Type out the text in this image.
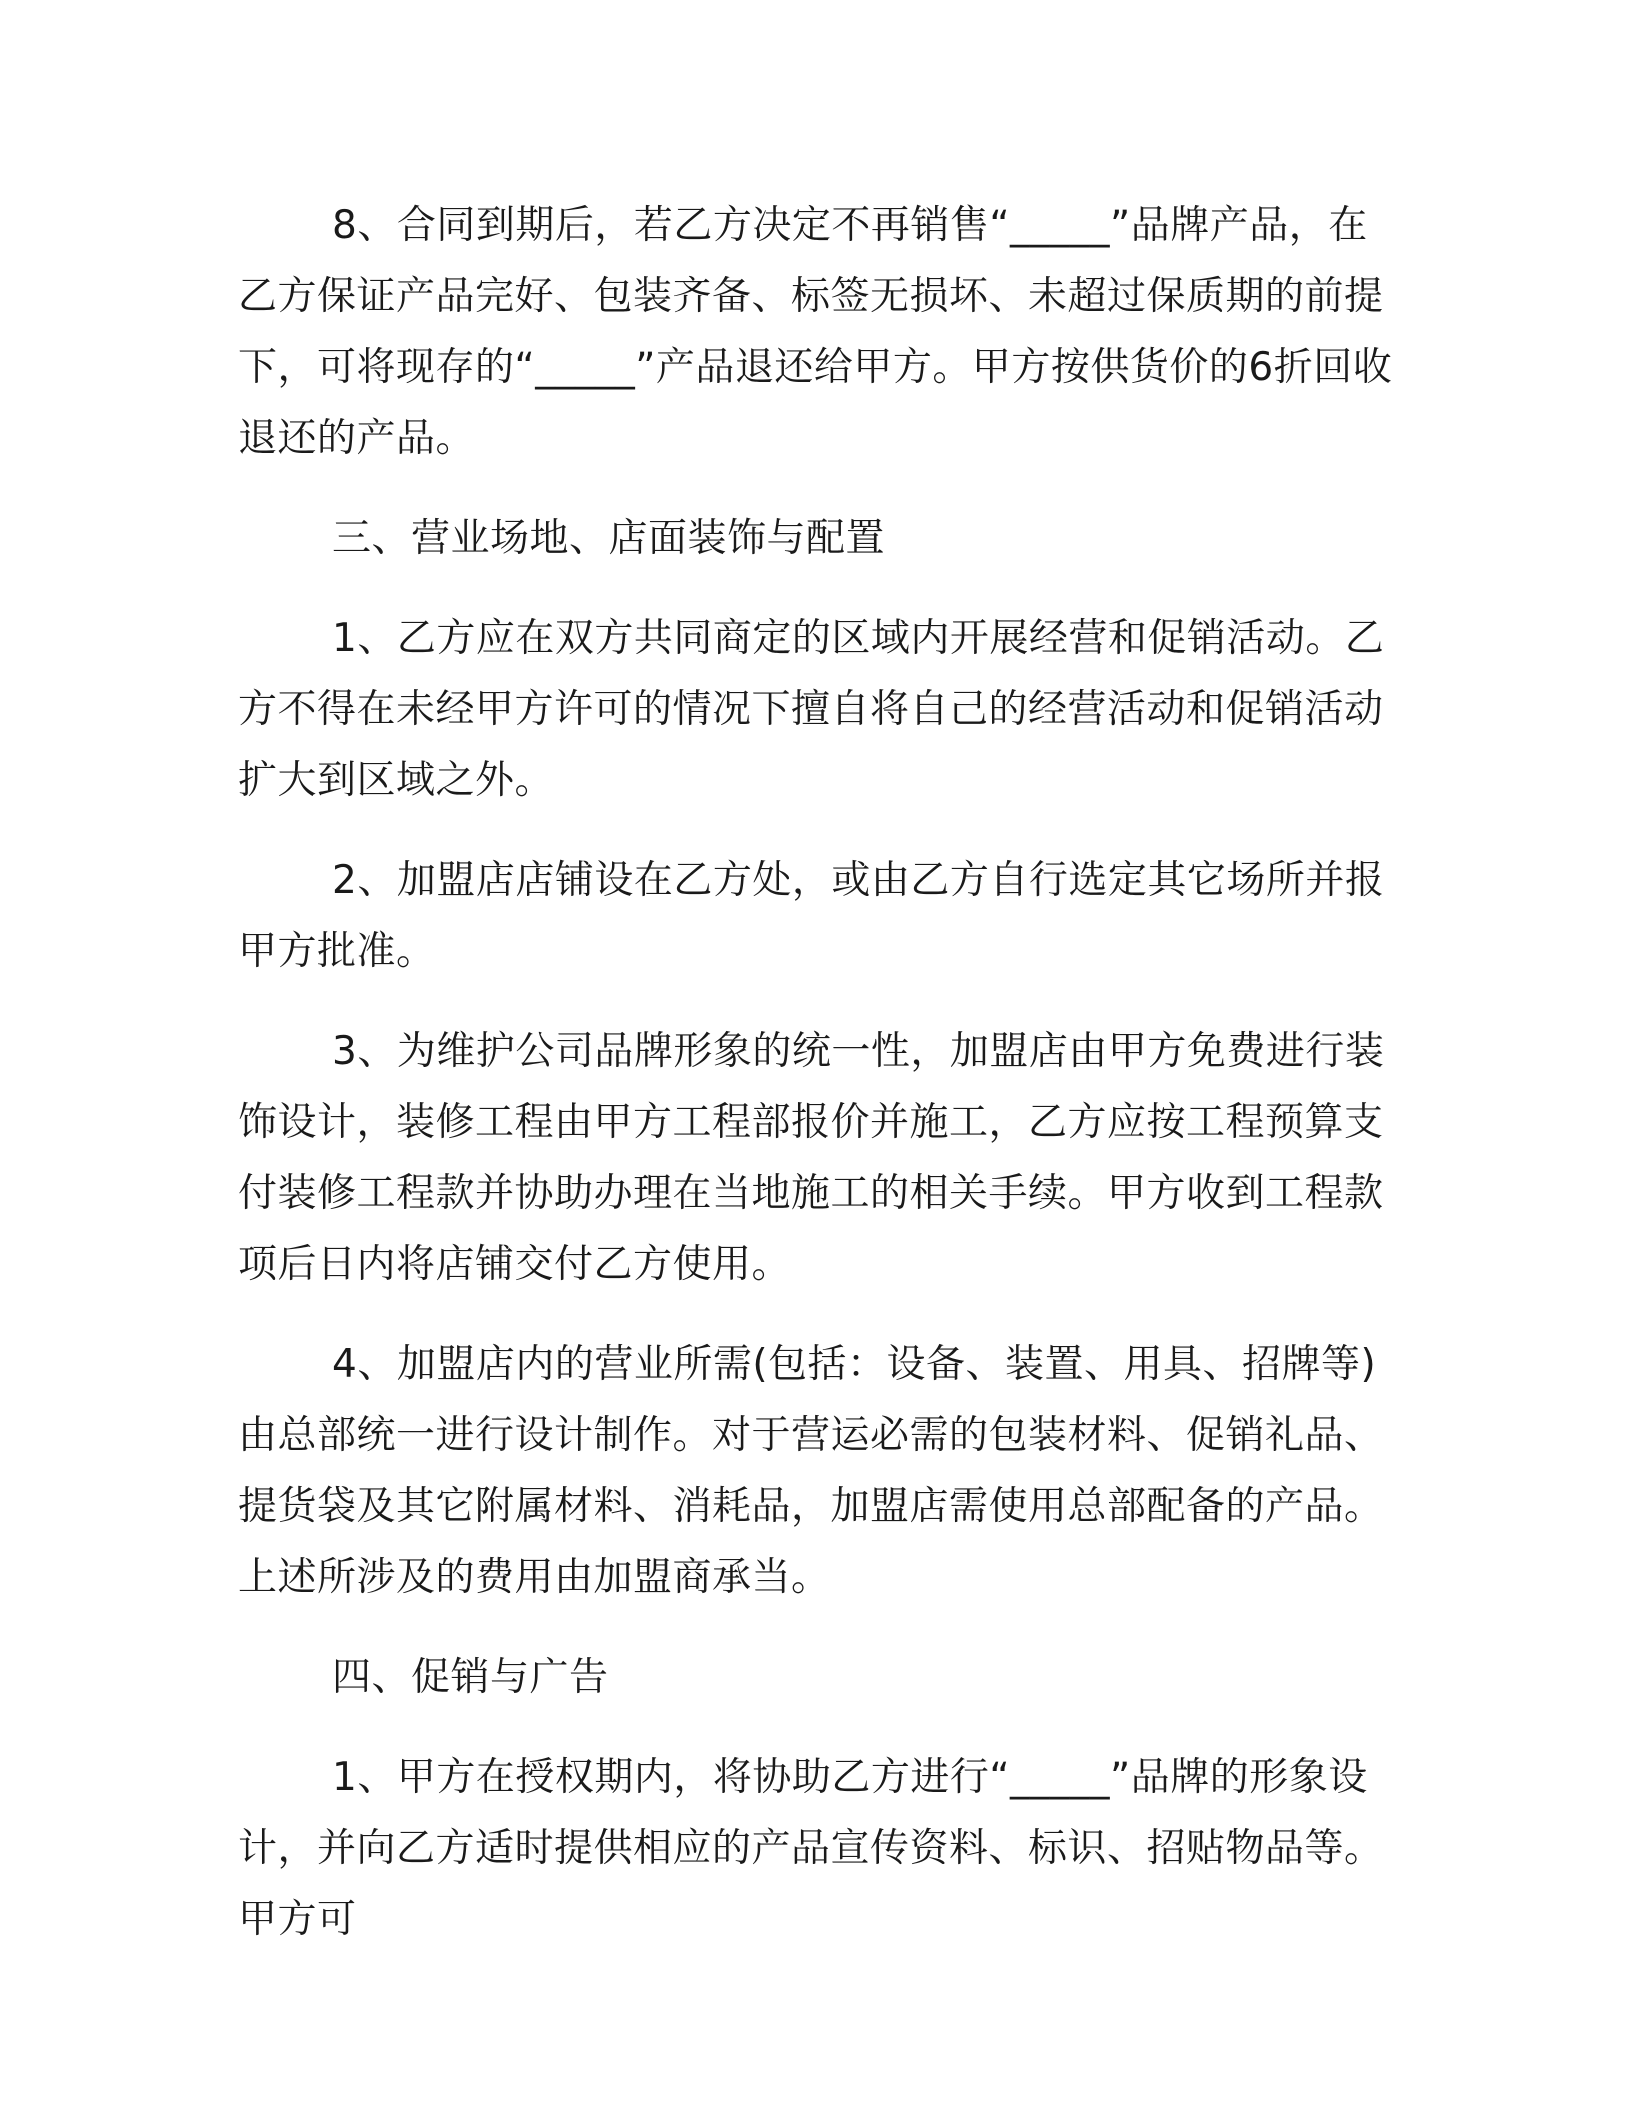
8、合同到期后，若乙方决定不再销售“_____”品牌产品，在乙方保证产品完好、包装齐备、标签无损坏、未超过保质期的前提下，可将现存的“_____”产品退还给甲方。甲方按供货价的6折回收退还的产品。

三、营业场地、店面装饰与配置

1、乙方应在双方共同商定的区域内开展经营和促销活动。乙方不得在未经甲方许可的情况下擅自将自己的经营活动和促销活动扩大到区域之外。

2、加盟店店铺设在乙方处，或由乙方自行选定其它场所并报甲方批准。

3、为维护公司品牌形象的统一性，加盟店由甲方免费进行装饰设计，装修工程由甲方工程部报价并施工，乙方应按工程预算支付装修工程款并协助办理在当地施工的相关手续。甲方收到工程款项后日内将店铺交付乙方使用。

4、加盟店内的营业所需(包括：设备、装置、用具、招牌等)由总部统一进行设计制作。对于营运必需的包装材料、促销礼品、提货袋及其它附属材料、消耗品，加盟店需使用总部配备的产品。上述所涉及的费用由加盟商承当。

四、促销与广告

1、甲方在授权期内，将协助乙方进行“_____”品牌的形象设计，并向乙方适时提供相应的产品宣传资料、标识、招贴物品等。甲方可
